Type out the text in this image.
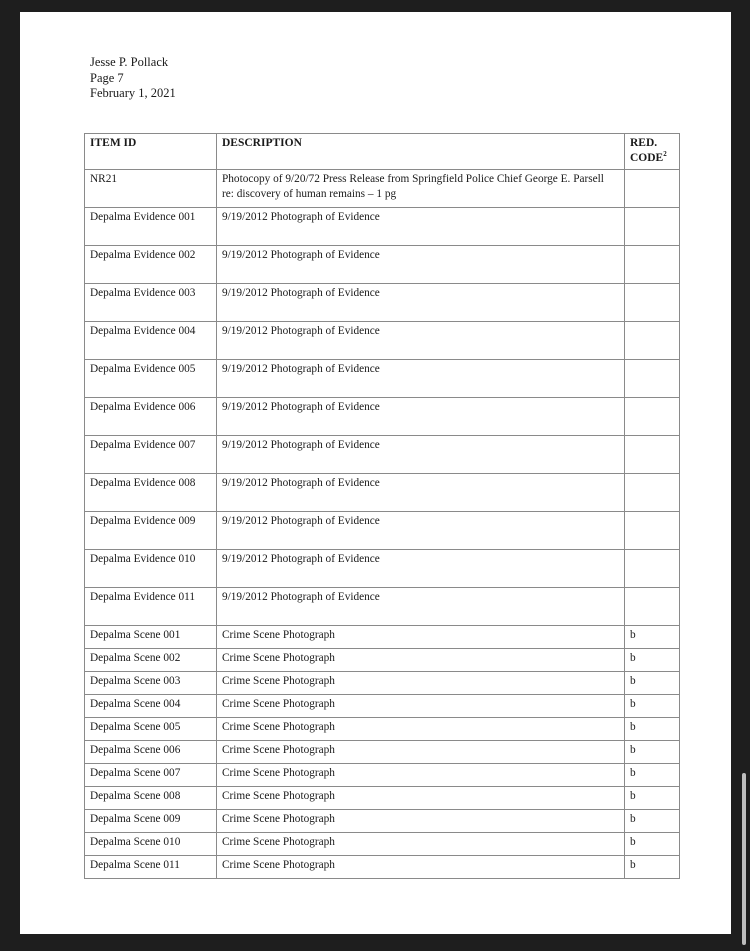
Jesse P. Pollack
Page 7
February 1, 2021
ITEM ID	DESCRIPTION	RED.
CODE$^2$
NR21	Photocopy of 9/20/72 Press Release from Springfield Police Chief George E. Parsell re: discovery of human remains – 1 pg	
Depalma Evidence 001	9/19/2012 Photograph of Evidence	
Depalma Evidence 002	9/19/2012 Photograph of Evidence	
Depalma Evidence 003	9/19/2012 Photograph of Evidence	
Depalma Evidence 004	9/19/2012 Photograph of Evidence	
Depalma Evidence 005	9/19/2012 Photograph of Evidence	
Depalma Evidence 006	9/19/2012 Photograph of Evidence	
Depalma Evidence 007	9/19/2012 Photograph of Evidence	
Depalma Evidence 008	9/19/2012 Photograph of Evidence	
Depalma Evidence 009	9/19/2012 Photograph of Evidence	
Depalma Evidence 010	9/19/2012 Photograph of Evidence	
Depalma Evidence 011	9/19/2012 Photograph of Evidence	
Depalma Scene 001	Crime Scene Photograph	b
Depalma Scene 002	Crime Scene Photograph	b
Depalma Scene 003	Crime Scene Photograph	b
Depalma Scene 004	Crime Scene Photograph	b
Depalma Scene 005	Crime Scene Photograph	b
Depalma Scene 006	Crime Scene Photograph	b
Depalma Scene 007	Crime Scene Photograph	b
Depalma Scene 008	Crime Scene Photograph	b
Depalma Scene 009	Crime Scene Photograph	b
Depalma Scene 010	Crime Scene Photograph	b
Depalma Scene 011	Crime Scene Photograph	b
